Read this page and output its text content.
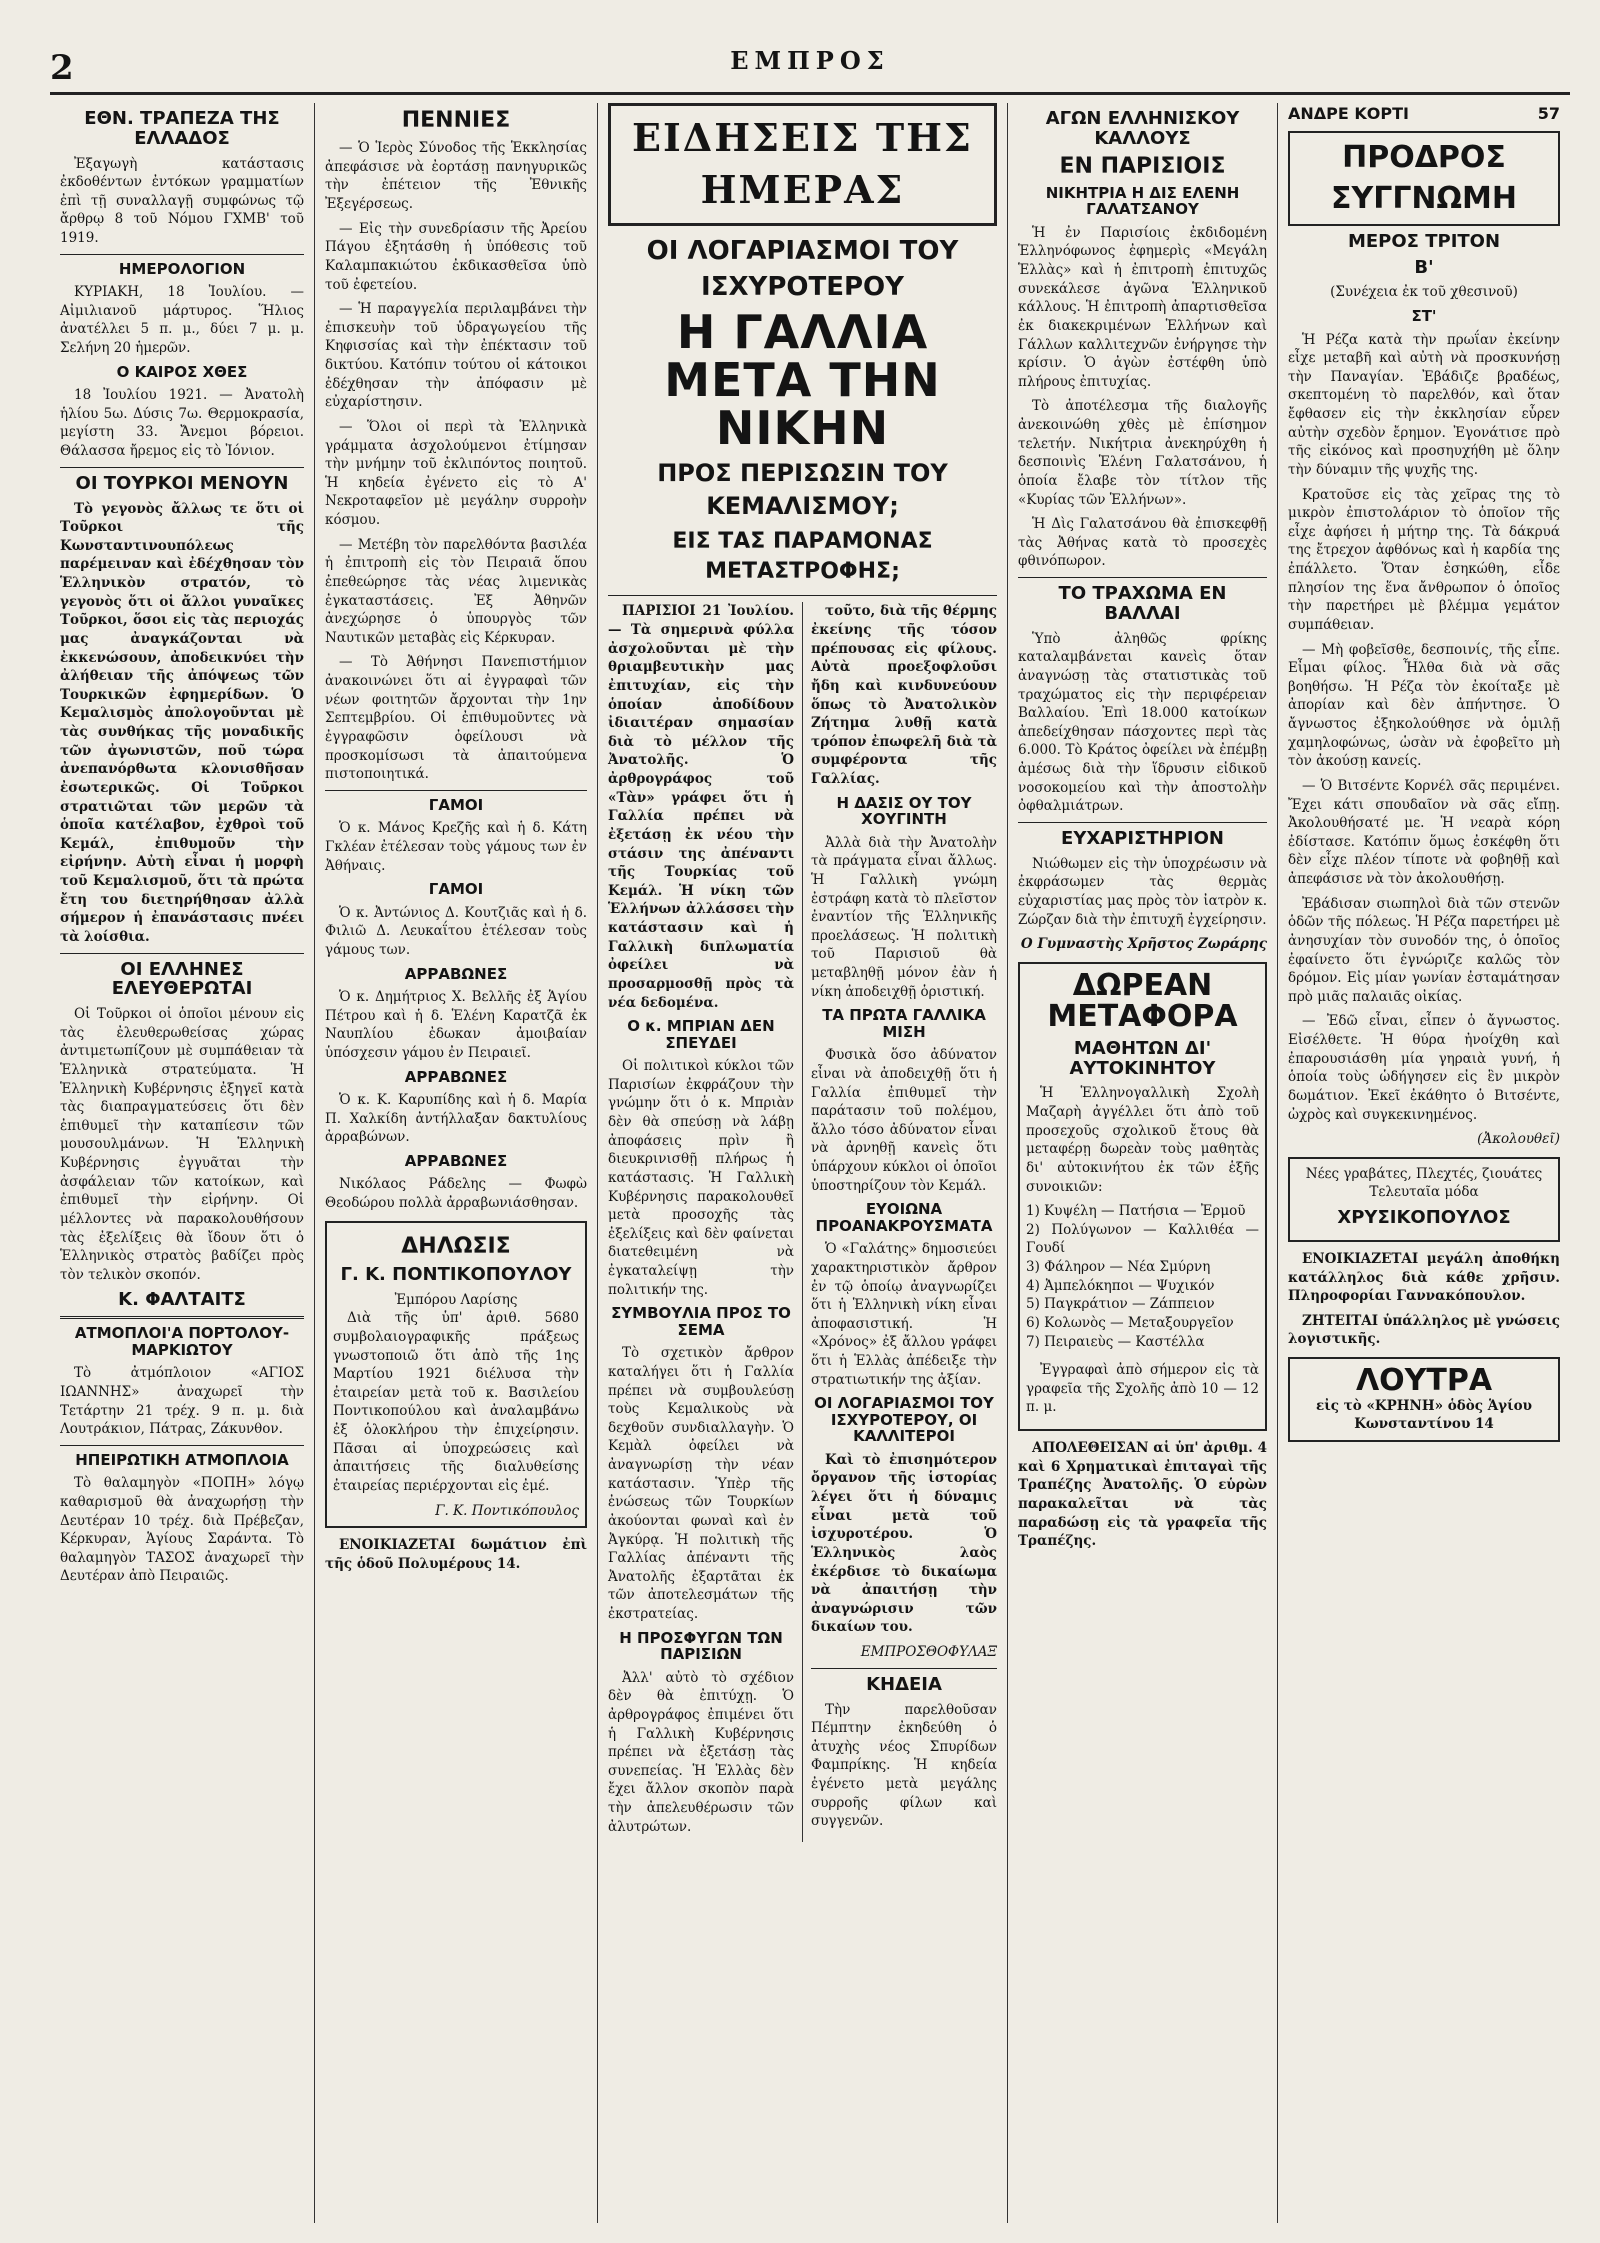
2	ΕΜΠΡΟΣ
ΕΘΝ. ΤΡΑΠΕΖΑ ΤΗΣ ΕΛΛΑΔΟΣ

Ἐξαγωγὴ κατάστασις ἐκδοθέντων ἐντόκων γραμματίων ἐπὶ τῇ συναλλαγῇ συμφώνως τῷ ἄρθρῳ 8 τοῦ Νόμου ΓΧΜΒ' τοῦ 1919.

ΗΜΕΡΟΛΟΓΙΟΝ

ΚΥΡΙΑΚΗ, 18 Ἰουλίου. — Αἰμιλιανοῦ μάρτυρος. Ἥλιος ἀνατέλλει 5 π. μ., δύει 7 μ. μ. Σελήνη 20 ἡμερῶν.

Ο ΚΑΙΡΟΣ ΧΘΕΣ

18 Ἰουλίου 1921. — Ἀνατολὴ ἡλίου 5ω. Δύσις 7ω. Θερμοκρασία, μεγίστη 33. Ἄνεμοι βόρειοι. Θάλασσα ἤρεμος εἰς τὸ Ἰόνιον.

ΟΙ ΤΟΥΡΚΟΙ ΜΕΝΟΥΝ

Τὸ γεγονὸς ἄλλως τε ὅτι οἱ Τοῦρκοι τῆς Κωνσταντινουπόλεως παρέμειναν καὶ ἐδέχθησαν τὸν Ἑλληνικὸν στρατόν, τὸ γεγονὸς ὅτι οἱ ἄλλοι γυναῖκες Τοῦρκοι, ὅσοι εἰς τὰς περιοχάς μας ἀναγκάζονται νὰ ἐκκενώσουν, ἀποδεικνύει τὴν ἀλήθειαν τῆς ἀπόψεως τῶν Τουρκικῶν ἐφημερίδων. Ὁ Κεμαλισμὸς ἀπολογοῦνται μὲ τὰς συνθήκας τῆς μοναδικῆς τῶν ἀγωνιστῶν, ποῦ τώρα ἀνεπανόρθωτα κλονισθῆσαν ἐσωτερικῶς. Οἱ Τοῦρκοι στρατιῶται τῶν μερῶν τὰ ὁποῖα κατέλαβον, ἐχθροὶ τοῦ Κεμάλ, ἐπιθυμοῦν τὴν εἰρήνην. Αὐτὴ εἶναι ἡ μορφὴ τοῦ Κεμαλισμοῦ, ὅτι τὰ πρώτα ἔτη του διετηρήθησαν ἀλλὰ σήμερον ἡ ἐπανάστασις πνέει τὰ λοίσθια.

ΟΙ ΕΛΛΗΝΕΣ ΕΛΕΥΘΕΡΩΤΑΙ

Οἱ Τοῦρκοι οἱ ὁποῖοι μένουν εἰς τὰς ἐλευθερωθείσας χώρας ἀντιμετωπίζουν μὲ συμπάθειαν τὰ Ἑλληνικὰ στρατεύματα. Ἡ Ἑλληνικὴ Κυβέρνησις ἐξηγεῖ κατὰ τὰς διαπραγματεύσεις ὅτι δὲν ἐπιθυμεῖ τὴν καταπίεσιν τῶν μουσουλμάνων. Ἡ Ἑλληνικὴ Κυβέρνησις ἐγγυᾶται τὴν ἀσφάλειαν τῶν κατοίκων, καὶ ἐπιθυμεῖ τὴν εἰρήνην. Οἱ μέλλοντες νὰ παρακολουθήσουν τὰς ἐξελίξεις θὰ ἴδουν ὅτι ὁ Ἑλληνικὸς στρατὸς βαδίζει πρὸς τὸν τελικὸν σκοπόν.

Κ. ΦΑΛΤΑΙΤΣ
ΑΤΜΟΠΛΟΙ'Α ΠΟΡΤΟΛΟΥ-ΜΑΡΚΙΩΤΟΥ

Τὸ ἀτμόπλοιον «ΑΓΙΟΣ ΙΩΑΝΝΗΣ» ἀναχωρεῖ τὴν Τετάρτην 21 τρέχ. 9 π. μ. διὰ Λουτράκιον, Πάτρας, Ζάκυνθον.

ΗΠΕΙΡΩΤΙΚΗ ΑΤΜΟΠΛΟΙΑ

Τὸ θαλαμηγὸν «ΠΟΠΗ» λόγῳ καθαρισμοῦ θὰ ἀναχωρήσῃ τὴν Δευτέραν 10 τρέχ. διὰ Πρέβεζαν, Κέρκυραν, Ἁγίους Σαράντα. Τὸ θαλαμηγὸν ΤΑΣΟΣ ἀναχωρεῖ τὴν Δευτέραν ἀπὸ Πειραιῶς.

ΠΕΝΝΙΕΣ

— Ὁ Ἱερὸς Σύνοδος τῆς Ἑκκλησίας ἀπεφάσισε νὰ ἐορτάσῃ πανηγυρικῶς τὴν ἐπέτειον τῆς Ἐθνικῆς Ἐξεγέρσεως.

— Εἰς τὴν συνεδρίασιν τῆς Ἀρείου Πάγου ἐξητάσθη ἡ ὑπόθεσις τοῦ Καλαμπακιώτου ἐκδικασθεῖσα ὑπὸ τοῦ ἐφετείου.

— Ἡ παραγγελία περιλαμβάνει τὴν ἐπισκευὴν τοῦ ὑδραγωγείου τῆς Κηφισσίας καὶ τὴν ἐπέκτασιν τοῦ δικτύου. Κατόπιν τούτου οἱ κάτοικοι ἐδέχθησαν τὴν ἀπόφασιν μὲ εὐχαρίστησιν.

— Ὅλοι οἱ περὶ τὰ Ἑλληνικὰ γράμματα ἀσχολούμενοι ἐτίμησαν τὴν μνήμην τοῦ ἐκλιπόντος ποιητοῦ. Ἡ κηδεία ἐγένετο εἰς τὸ Α' Νεκροταφεῖον μὲ μεγάλην συρροὴν κόσμου.

— Μετέβη τὸν παρελθόντα βασιλέα ἡ ἐπιτροπὴ εἰς τὸν Πειραιᾶ ὅπου ἐπεθεώρησε τὰς νέας λιμενικὰς ἐγκαταστάσεις. Ἐξ Ἀθηνῶν ἀνεχώρησε ὁ ὑπουργὸς τῶν Ναυτικῶν μεταβὰς εἰς Κέρκυραν.

— Τὸ Ἀθήνησι Πανεπιστήμιον ἀνακοινώνει ὅτι αἱ ἐγγραφαὶ τῶν νέων φοιτητῶν ἄρχονται τὴν 1ην Σεπτεμβρίου. Οἱ ἐπιθυμοῦντες νὰ ἐγγραφῶσιν ὀφείλουσι νὰ προσκομίσωσι τὰ ἀπαιτούμενα πιστοποιητικά.

ΓΑΜΟΙ

Ὁ κ. Μάνος Κρεζῆς καὶ ἡ δ. Κάτη Γκλέαν ἐτέλεσαν τοὺς γάμους των ἐν Ἀθήναις.

ΓΑΜΟΙ

Ὁ κ. Ἀντώνιος Δ. Κουτζιᾶς καὶ ἡ δ. Φιλιῶ Δ. Λευκαΐτου ἐτέλεσαν τοὺς γάμους των.

ΑΡΡΑΒΩΝΕΣ

Ὁ κ. Δημήτριος Χ. Βελλῆς ἐξ Ἁγίου Πέτρου καὶ ἡ δ. Ἑλένη Καρατζᾶ ἐκ Ναυπλίου ἐδωκαν ἀμοιβαίαν ὑπόσχεσιν γάμου ἐν Πειραιεῖ.

ΑΡΡΑΒΩΝΕΣ

Ὁ κ. Κ. Καρυπίδης καὶ ἡ δ. Μαρία Π. Χαλκίδη ἀντήλλαξαν δακτυλίους ἀρραβώνων.

ΑΡΡΑΒΩΝΕΣ

Νικόλαος Ράδελης — Φωφὼ Θεοδώρου πολλὰ ἀρραβωνιάσθησαν.

ΔΗΛΩΣΙΣ
Γ. Κ. ΠΟΝΤΙΚΟΠΟΥΛΟΥ
Ἐμπόρου Λαρίσης

Διὰ τῆς ὑπ' ἀριθ. 5680 συμβολαιογραφικῆς πράξεως γνωστοποιῶ ὅτι ἀπὸ τῆς 1ης Μαρτίου 1921 διέλυσα τὴν ἐταιρείαν μετὰ τοῦ κ. Βασιλείου Ποντικοπούλου καὶ ἀναλαμβάνω ἐξ ὁλοκλήρου τὴν ἐπιχείρησιν. Πᾶσαι αἱ ὑποχρεώσεις καὶ ἀπαιτήσεις τῆς διαλυθείσης ἐταιρείας περιέρχονται εἰς ἐμέ.

Γ. Κ. Ποντικόπουλος

ΕΝΟΙΚΙΑΖΕΤΑΙ δωμάτιον ἐπὶ τῆς ὁδοῦ Πολυμέρους 14.

ΕΙΔΗΣΕΙΣ ΤΗΣ ΗΜΕΡΑΣ
ΟΙ ΛΟΓΑΡΙΑΣΜΟΙ ΤΟΥ ΙΣΧΥΡΟΤΕΡΟΥ
Η ΓΑΛΛΙΑ ΜΕΤΑ ΤΗΝ ΝΙΚΗΝ
ΠΡΟΣ ΠΕΡΙΣΩΣΙΝ ΤΟΥ ΚΕΜΑΛΙΣΜΟΥ;
ΕΙΣ ΤΑΣ ΠΑΡΑΜΟΝΑΣ ΜΕΤΑΣΤΡΟΦΗΣ;

ΠΑΡΙΣΙΟΙ 21 Ἰουλίου. — Τὰ σημερινὰ φύλλα ἀσχολοῦνται μὲ τὴν θριαμβευτικὴν μας ἐπιτυχίαν, εἰς τὴν ὁποίαν ἀποδίδουν ἰδιαιτέραν σημασίαν διὰ τὸ μέλλον τῆς Ἀνατολῆς. Ὁ ἀρθρογράφος τοῦ «Τὰν» γράφει ὅτι ἡ Γαλλία πρέπει νὰ ἐξετάσῃ ἐκ νέου τὴν στάσιν της ἀπέναντι τῆς Τουρκίας τοῦ Κεμάλ. Ἡ νίκη τῶν Ἑλλήνων ἀλλάσσει τὴν κατάστασιν καὶ ἡ Γαλλικὴ διπλωματία ὀφείλει νὰ προσαρμοσθῇ πρὸς τὰ νέα δεδομένα.

Ο κ. ΜΠΡΙΑΝ ΔΕΝ ΣΠΕΥΔΕΙ

Οἱ πολιτικοὶ κύκλοι τῶν Παρισίων ἐκφράζουν τὴν γνώμην ὅτι ὁ κ. Μπριὰν δὲν θὰ σπεύσῃ νὰ λάβῃ ἀποφάσεις πρὶν ἢ διευκρινισθῇ πλήρως ἡ κατάστασις. Ἡ Γαλλικὴ Κυβέρνησις παρακολουθεῖ μετὰ προσοχῆς τὰς ἐξελίξεις καὶ δὲν φαίνεται διατεθειμένη νὰ ἐγκαταλείψῃ τὴν πολιτικήν της.

ΣΥΜΒΟΥΛΙΑ ΠΡΟΣ ΤΟ ΣΕΜΑ

Τὸ σχετικὸν ἄρθρον καταλήγει ὅτι ἡ Γαλλία πρέπει νὰ συμβουλεύσῃ τοὺς Κεμαλικοὺς νὰ δεχθοῦν συνδιαλλαγὴν. Ὁ Κεμὰλ ὀφείλει νὰ ἀναγνωρίσῃ τὴν νέαν κατάστασιν. Ὑπὲρ τῆς ἐνώσεως τῶν Τουρκίων ἀκούονται φωναὶ καὶ ἐν Ἀγκύρᾳ. Ἡ πολιτικὴ τῆς Γαλλίας ἀπέναντι τῆς Ἀνατολῆς ἐξαρτᾶται ἐκ τῶν ἀποτελεσμάτων τῆς ἐκστρατείας.

Η ΠΡΟΣΦΥΓΩΝ ΤΩΝ ΠΑΡΙΣΙΩΝ

Ἀλλ' αὐτὸ τὸ σχέδιον δὲν θὰ ἐπιτύχῃ. Ὁ ἀρθρογράφος ἐπιμένει ὅτι ἡ Γαλλικὴ Κυβέρνησις πρέπει νὰ ἐξετάσῃ τὰς συνεπείας. Ἡ Ἑλλὰς δὲν ἔχει ἄλλον σκοπὸν παρὰ τὴν ἀπελευθέρωσιν τῶν ἀλυτρώτων.

τοῦτο, διὰ τῆς θέρμης ἐκείνης τῆς τόσον πρέπουσας εἰς φίλους. Αὐτὰ προεξοφλοῦσι ἤδη καὶ κινδυνεύουν ὅπως τὸ Ἀνατολικὸν Ζήτημα λυθῇ κατὰ τρόπον ἐπωφελῆ διὰ τὰ συμφέροντα τῆς Γαλλίας.

Η ΔΑΣΙΣ ΟΥ ΤΟΥ ΧΟΥΓΙΝΤΗ

Ἀλλὰ διὰ τὴν Ἀνατολὴν τὰ πράγματα εἶναι ἄλλως. Ἡ Γαλλικὴ γνώμη ἐστράφη κατὰ τὸ πλεῖστον ἐναντίον τῆς Ἑλληνικῆς προελάσεως. Ἡ πολιτικὴ τοῦ Παρισιοῦ θὰ μεταβληθῇ μόνον ἐὰν ἡ νίκη ἀποδειχθῇ ὁριστική.

ΤΑ ΠΡΩΤΑ ΓΑΛΛΙΚΑ ΜΙΣΗ

Φυσικὰ ὅσο ἀδύνατον εἶναι νὰ ἀποδειχθῇ ὅτι ἡ Γαλλία ἐπιθυμεῖ τὴν παράτασιν τοῦ πολέμου, ἄλλο τόσο ἀδύνατον εἶναι νὰ ἀρνηθῇ κανεὶς ὅτι ὑπάρχουν κύκλοι οἱ ὁποῖοι ὑποστηρίζουν τὸν Κεμάλ.

ΕΥΟΙΩΝΑ ΠΡΟΑΝΑΚΡΟΥΣΜΑΤΑ

Ὁ «Γαλάτης» δημοσιεύει χαρακτηριστικὸν ἄρθρον ἐν τῷ ὁποίῳ ἀναγνωρίζει ὅτι ἡ Ἑλληνικὴ νίκη εἶναι ἀποφασιστική. Ἡ «Χρόνος» ἐξ ἄλλου γράφει ὅτι ἡ Ἑλλὰς ἀπέδειξε τὴν στρατιωτικήν της ἀξίαν.

ΟΙ ΛΟΓΑΡΙΑΣΜΟΙ ΤΟΥ ΙΣΧΥΡΟΤΕΡΟΥ, ΟΙ ΚΑΛΛΙΤΕΡΟΙ

Καὶ τὸ ἐπισημότερον ὄργανον τῆς ἱστορίας λέγει ὅτι ἡ δύναμις εἶναι μετὰ τοῦ ἰσχυροτέρου. Ὁ Ἑλληνικὸς λαὸς ἐκέρδισε τὸ δικαίωμα νὰ ἀπαιτήσῃ τὴν ἀναγνώρισιν τῶν δικαίων του.

ΕΜΠΡΟΣΘΟΦΥΛΑΞ
ΚΗΔΕΙΑ

Τὴν παρελθοῦσαν Πέμπτην ἐκηδεύθη ὁ ἀτυχὴς νέος Σπυρίδων Φαμπρίκης. Ἡ κηδεία ἐγένετο μετὰ μεγάλης συρροῆς φίλων καὶ συγγενῶν.

ΑΓΩΝ ΕΛΛΗΝΙΣΚΟΥ ΚΑΛΛΟΥΣ
ΕΝ ΠΑΡΙΣΙΟΙΣ
ΝΙΚΗΤΡΙΑ Η ΔΙΣ ΕΛΕΝΗ ΓΑΛΑΤΣΑΝΟΥ

Ἡ ἐν Παρισίοις ἐκδιδομένη Ἑλληνόφωνος ἐφημερὶς «Μεγάλη Ἑλλὰς» καὶ ἡ ἐπιτροπὴ ἐπιτυχῶς συνεκάλεσε ἀγῶνα Ἑλληνικοῦ κάλλους. Ἡ ἐπιτροπὴ ἀπαρτισθεῖσα ἐκ διακεκριμένων Ἑλλήνων καὶ Γάλλων καλλιτεχνῶν ἐνήργησε τὴν κρίσιν. Ὁ ἀγὼν ἐστέφθη ὑπὸ πλήρους ἐπιτυχίας.

Τὸ ἀποτέλεσμα τῆς διαλογῆς ἀνεκοινώθη χθὲς μὲ ἐπίσημον τελετήν. Νικήτρια ἀνεκηρύχθη ἡ δεσποινὶς Ἑλένη Γαλατσάνου, ἡ ὁποία ἔλαβε τὸν τίτλον τῆς «Κυρίας τῶν Ἑλλήνων».

Ἡ Δὶς Γαλατσάνου θὰ ἐπισκεφθῇ τὰς Ἀθήνας κατὰ τὸ προσεχὲς φθινόπωρον.

ΤΟ ΤΡΑΧΩΜΑ ΕΝ ΒΑΛΛΑΙ

Ὑπὸ ἀληθῶς φρίκης καταλαμβάνεται κανεὶς ὅταν ἀναγνώσῃ τὰς στατιστικὰς τοῦ τραχώματος εἰς τὴν περιφέρειαν Βαλλαίου. Ἐπὶ 18.000 κατοίκων ἀπεδείχθησαν πάσχοντες περὶ τὰς 6.000. Τὸ Κράτος ὀφείλει νὰ ἐπέμβῃ ἀμέσως διὰ τὴν ἵδρυσιν εἰδικοῦ νοσοκομείου καὶ τὴν ἀποστολὴν ὀφθαλμιάτρων.

ΕΥΧΑΡΙΣΤΗΡΙΟΝ

Νιώθωμεν εἰς τὴν ὑποχρέωσιν νὰ ἐκφράσωμεν τὰς θερμὰς εὐχαριστίας μας πρὸς τὸν ἰατρὸν κ. Ζώρζαν διὰ τὴν ἐπιτυχῆ ἐγχείρησιν.

Ο Γυμναστὴς Χρῆστος Ζωράρης
ΔΩΡΕΑΝ ΜΕΤΑΦΟΡΑ
ΜΑΘΗΤΩΝ ΔΙ' ΑΥΤΟΚΙΝΗΤΟΥ

Ἡ Ἑλληνογαλλικὴ Σχολὴ Μαζαρὴ ἀγγέλλει ὅτι ἀπὸ τοῦ προσεχοῦς σχολικοῦ ἔτους θὰ μεταφέρῃ δωρεὰν τοὺς μαθητὰς δι' αὐτοκινήτου ἐκ τῶν ἑξῆς συνοικιῶν:

1) Κυψέλη — Πατήσια — Ἐρμοῦ
2) Πολύγωνον — Καλλιθέα — Γουδί
3) Φάληρον — Νέα Σμύρνη
4) Ἀμπελόκηποι — Ψυχικόν
5) Παγκράτιον — Ζάππειον
6) Κολωνὸς — Μεταξουργεῖον
7) Πειραιεὺς — Καστέλλα

Ἐγγραφαὶ ἀπὸ σήμερον εἰς τὰ γραφεῖα τῆς Σχολῆς ἀπὸ 10 — 12 π. μ.

ΑΠΟΛΕΘΕΙΣΑΝ αἱ ὑπ' ἀριθμ. 4 καὶ 6 Χρηματικαὶ ἐπιταγαὶ τῆς Τραπέζης Ἀνατολῆς. Ὁ εὑρὼν παρακαλεῖται νὰ τὰς παραδώσῃ εἰς τὰ γραφεῖα τῆς Τραπέζης.

ΑΝΔΡΕ ΚΟΡΤΙ	57
ΠΡΟΔΡΟΣ ΣΥΓΓΝΩΜΗ
ΜΕΡΟΣ ΤΡΙΤΟΝ
Β'
(Συνέχεια ἐκ τοῦ χθεσινοῦ)
ΣΤ'

Ἡ Ρέζα κατὰ τὴν πρωΐαν ἐκείνην εἶχε μεταβῆ καὶ αὐτὴ νὰ προσκυνήσῃ τὴν Παναγίαν. Ἐβάδιζε βραδέως, σκεπτομένη τὸ παρελθόν, καὶ ὅταν ἔφθασεν εἰς τὴν ἐκκλησίαν εὗρεν αὐτὴν σχεδὸν ἔρημον. Ἐγονάτισε πρὸ τῆς εἰκόνος καὶ προσηυχήθη μὲ ὅλην τὴν δύναμιν τῆς ψυχῆς της.

Κρατοῦσε εἰς τὰς χεῖρας της τὸ μικρὸν ἐπιστολάριον τὸ ὁποῖον τῆς εἶχε ἀφήσει ἡ μήτηρ της. Τὰ δάκρυά της ἔτρεχον ἀφθόνως καὶ ἡ καρδία της ἐπάλλετο. Ὅταν ἐσηκώθη, εἶδε πλησίον της ἕνα ἄνθρωπον ὁ ὁποῖος τὴν παρετήρει μὲ βλέμμα γεμάτον συμπάθειαν.

— Μὴ φοβεῖσθε, δεσποινίς, τῆς εἶπε. Εἶμαι φίλος. Ἦλθα διὰ νὰ σᾶς βοηθήσω. Ἡ Ρέζα τὸν ἐκοίταξε μὲ ἀπορίαν καὶ δὲν ἀπήντησε. Ὁ ἄγνωστος ἐξηκολούθησε νὰ ὁμιλῇ χαμηλοφώνως, ὡσὰν νὰ ἐφοβεῖτο μὴ τὸν ἀκούσῃ κανείς.

— Ὁ Βιτσέντε Κορνέλ σᾶς περιμένει. Ἔχει κάτι σπουδαῖον νὰ σᾶς εἴπῃ. Ἀκολουθήσατέ με. Ἡ νεαρὰ κόρη ἐδίστασε. Κατόπιν ὅμως ἐσκέφθη ὅτι δὲν εἶχε πλέον τίποτε νὰ φοβηθῇ καὶ ἀπεφάσισε νὰ τὸν ἀκολουθήσῃ.

Ἐβάδισαν σιωπηλοὶ διὰ τῶν στενῶν ὁδῶν τῆς πόλεως. Ἡ Ρέζα παρετήρει μὲ ἀνησυχίαν τὸν συνοδόν της, ὁ ὁποῖος ἐφαίνετο ὅτι ἐγνώριζε καλῶς τὸν δρόμον. Εἰς μίαν γωνίαν ἐσταμάτησαν πρὸ μιᾶς παλαιᾶς οἰκίας.

— Ἐδῶ εἶναι, εἶπεν ὁ ἄγνωστος. Εἰσέλθετε. Ἡ θύρα ἠνοίχθη καὶ ἐπαρουσιάσθη μία γηραιὰ γυνή, ἡ ὁποία τοὺς ὡδήγησεν εἰς ἓν μικρὸν δωμάτιον. Ἐκεῖ ἐκάθητο ὁ Βιτσέντε, ὠχρὸς καὶ συγκεκινημένος.

(Ἀκολουθεῖ)
Νέες γραβάτες, Πλεχτές, ζιουάτες
Τελευταῖα μόδα
ΧΡΥΣΙΚΟΠΟΥΛΟΣ

ΕΝΟΙΚΙΑΖΕΤΑΙ μεγάλη ἀποθήκη κατάλληλος διὰ κάθε χρῆσιν. Πληροφορίαι Γαννακόπουλον.

ΖΗΤΕΙΤΑΙ ὑπάλληλος μὲ γνώσεις λογιστικῆς.

ΛΟΥΤΡΑ
εἰς τὸ «ΚΡΗΝΗ» ὁδὸς Ἁγίου Κωνσταντίνου 14
